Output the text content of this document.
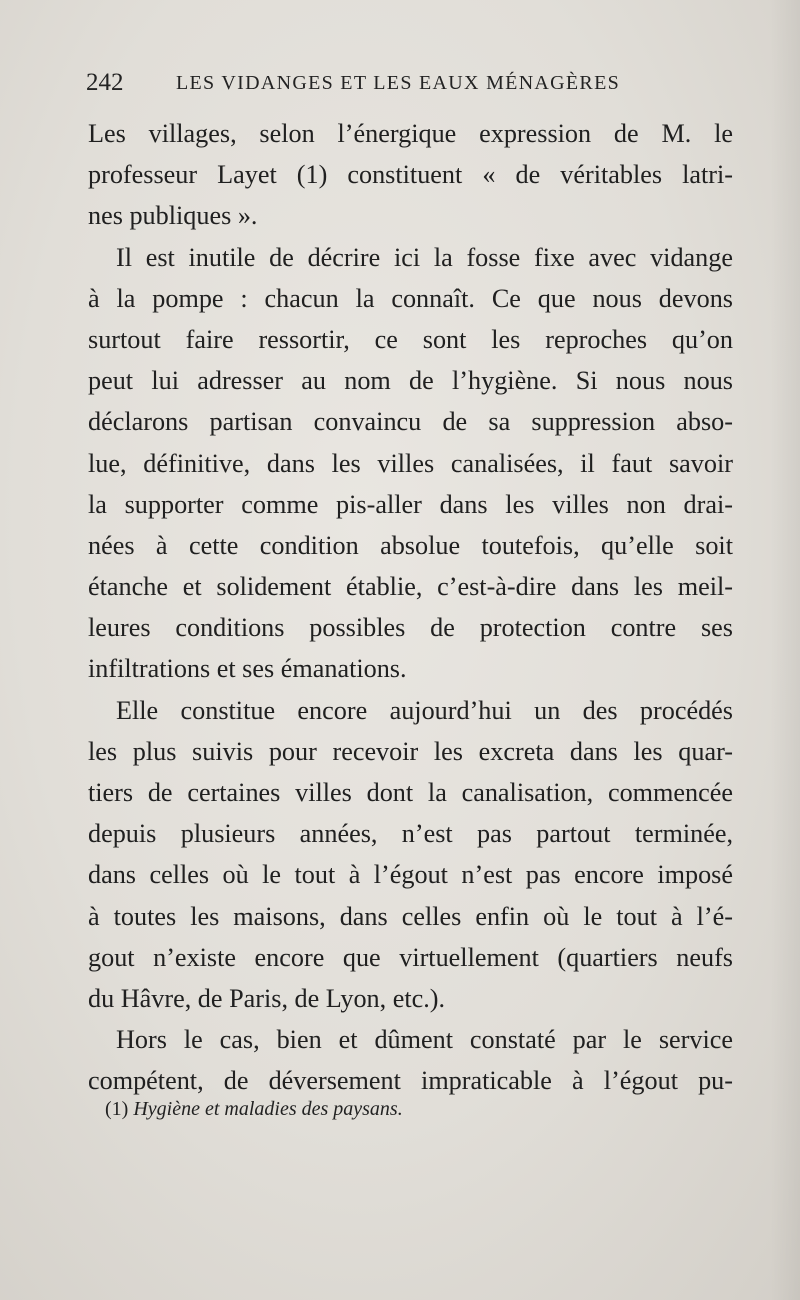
242	LES VIDANGES ET LES EAUX MÉNAGÈRES
Les villages, selon l’énergique expression de M. le
professeur Layet (1) constituent « de véritables latri-
nes publiques ».
Il est inutile de décrire ici la fosse fixe avec vidange
à la pompe : chacun la connaît. Ce que nous devons
surtout faire ressortir, ce sont les reproches qu’on
peut lui adresser au nom de l’hygiène. Si nous nous
déclarons partisan convaincu de sa suppression abso-
lue, définitive, dans les villes canalisées, il faut savoir
la supporter comme pis-aller dans les villes non drai-
nées à cette condition absolue toutefois, qu’elle soit
étanche et solidement établie, c’est-à-dire dans les meil-
leures conditions possibles de protection contre ses
infiltrations et ses émanations.
Elle constitue encore aujourd’hui un des procédés
les plus suivis pour recevoir les excreta dans les quar-
tiers de certaines villes dont la canalisation, commencée
depuis plusieurs années, n’est pas partout terminée,
dans celles où le tout à l’égout n’est pas encore imposé
à toutes les maisons, dans celles enfin où le tout à l’é-
gout n’existe encore que virtuellement (quartiers neufs
du Hâvre, de Paris, de Lyon, etc.).
Hors le cas, bien et dûment constaté par le service
compétent, de déversement impraticable à l’égout pu-
(1) Hygiène et maladies des paysans.
